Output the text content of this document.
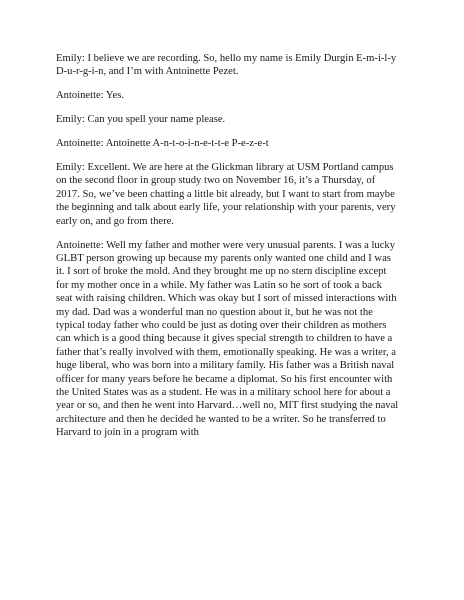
Emily: I believe we are recording. So, hello my name is Emily Durgin E-m-i-l-y D-u-r-g-i-n, and I’m with Antoinette Pezet.

Antoinette: Yes.

Emily: Can you spell your name please.

Antoinette: Antoinette A-n-t-o-i-n-e-t-t-e P-e-z-e-t

Emily: Excellent. We are here at the Glickman library at USM Portland campus on the second floor in group study two on November 16, it’s a Thursday, of 2017. So, we’ve been chatting a little bit already, but I want to start from maybe the beginning and talk about early life, your relationship with your parents, very early on, and go from there.

Antoinette: Well my father and mother were very unusual parents. I was a lucky GLBT person growing up because my parents only wanted one child and I was it. I sort of broke the mold. And they brought me up no stern discipline except for my mother once in a while. My father was Latin so he sort of took a back seat with raising children. Which was okay but I sort of missed interactions with my dad. Dad was a wonderful man no question about it, but he was not the typical today father who could be just as doting over their children as mothers can which is a good thing because it gives special strength to children to have a father that’s really involved with them, emotionally speaking. He was a writer, a huge liberal, who was born into a military family. His father was a British naval officer for many years before he became a diplomat. So his first encounter with the United States was as a student. He was in a military school here for about a year or so, and then he went into Harvard…well no, MIT first studying the naval architecture and then he decided he wanted to be a writer. So he transferred to Harvard to join in a program with
